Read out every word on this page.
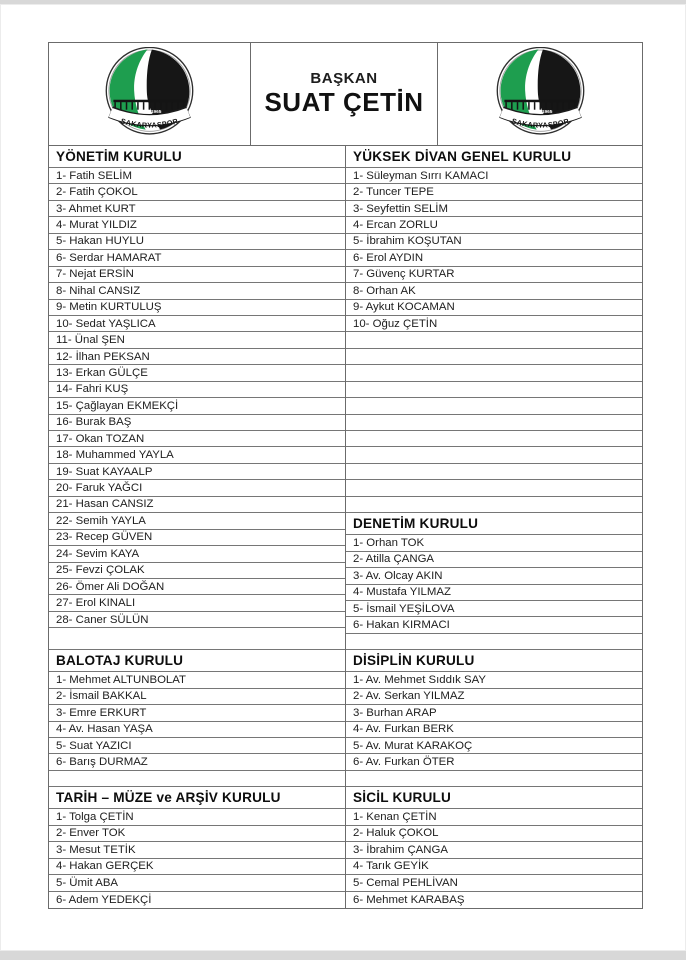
BAŞKAN
SUAT ÇETİN
YÖNETİM KURULU
1- Fatih SELİM
2- Fatih ÇOKOL
3- Ahmet KURT
4- Murat YILDIZ
5- Hakan HUYLU
6- Serdar HAMARAT
7- Nejat ERSİN
8- Nihal CANSIZ
9- Metin KURTULUŞ
10- Sedat YAŞLICA
11- Ünal ŞEN
12- İlhan PEKSAN
13- Erkan GÜLÇE
14- Fahri KUŞ
15- Çağlayan EKMEKÇİ
16- Burak BAŞ
17- Okan TOZAN
18- Muhammed YAYLA
19- Suat KAYAALP
20- Faruk YAĞCI
21- Hasan CANSIZ
22- Semih YAYLA
23- Recep GÜVEN
24- Sevim KAYA
25- Fevzi ÇOLAK
26- Ömer Ali DOĞAN
27- Erol KINALI
28- Caner SÜLÜN
BALOTAJ KURULU
1- Mehmet ALTUNBOLAT
2- İsmail BAKKAL
3- Emre ERKURT
4- Av. Hasan YAŞA
5- Suat YAZICI
6- Barış DURMAZ
TARİH – MÜZE ve ARŞİV KURULU
1- Tolga ÇETİN
2- Enver TOK
3- Mesut TETİK
4- Hakan GERÇEK
5- Ümit ABA
6- Adem YEDEKÇİ
YÜKSEK DİVAN GENEL KURULU
1- Süleyman Sırrı KAMACI
2- Tuncer TEPE
3- Seyfettin SELİM
4- Ercan ZORLU
5- İbrahim KOŞUTAN
6- Erol AYDIN
7- Güvenç KURTAR
8- Orhan AK
9- Aykut KOCAMAN
10- Oğuz ÇETİN
DENETİM KURULU
1- Orhan TOK
2- Atilla ÇANGA
3- Av. Olcay AKIN
4- Mustafa YILMAZ
5- İsmail YEŞİLOVA
6- Hakan KIRMACI
DİSİPLİN KURULU
1- Av. Mehmet Sıddık SAY
2- Av. Serkan YILMAZ
3- Burhan ARAP
4- Av. Furkan BERK
5- Av. Murat KARAKOÇ
6- Av. Furkan ÖTER
SİCİL KURULU
1- Kenan ÇETİN
2- Haluk ÇOKOL
3- İbrahim ÇANGA
4- Tarık GEYİK
5- Cemal PEHLİVAN
6- Mehmet KARABAŞ
